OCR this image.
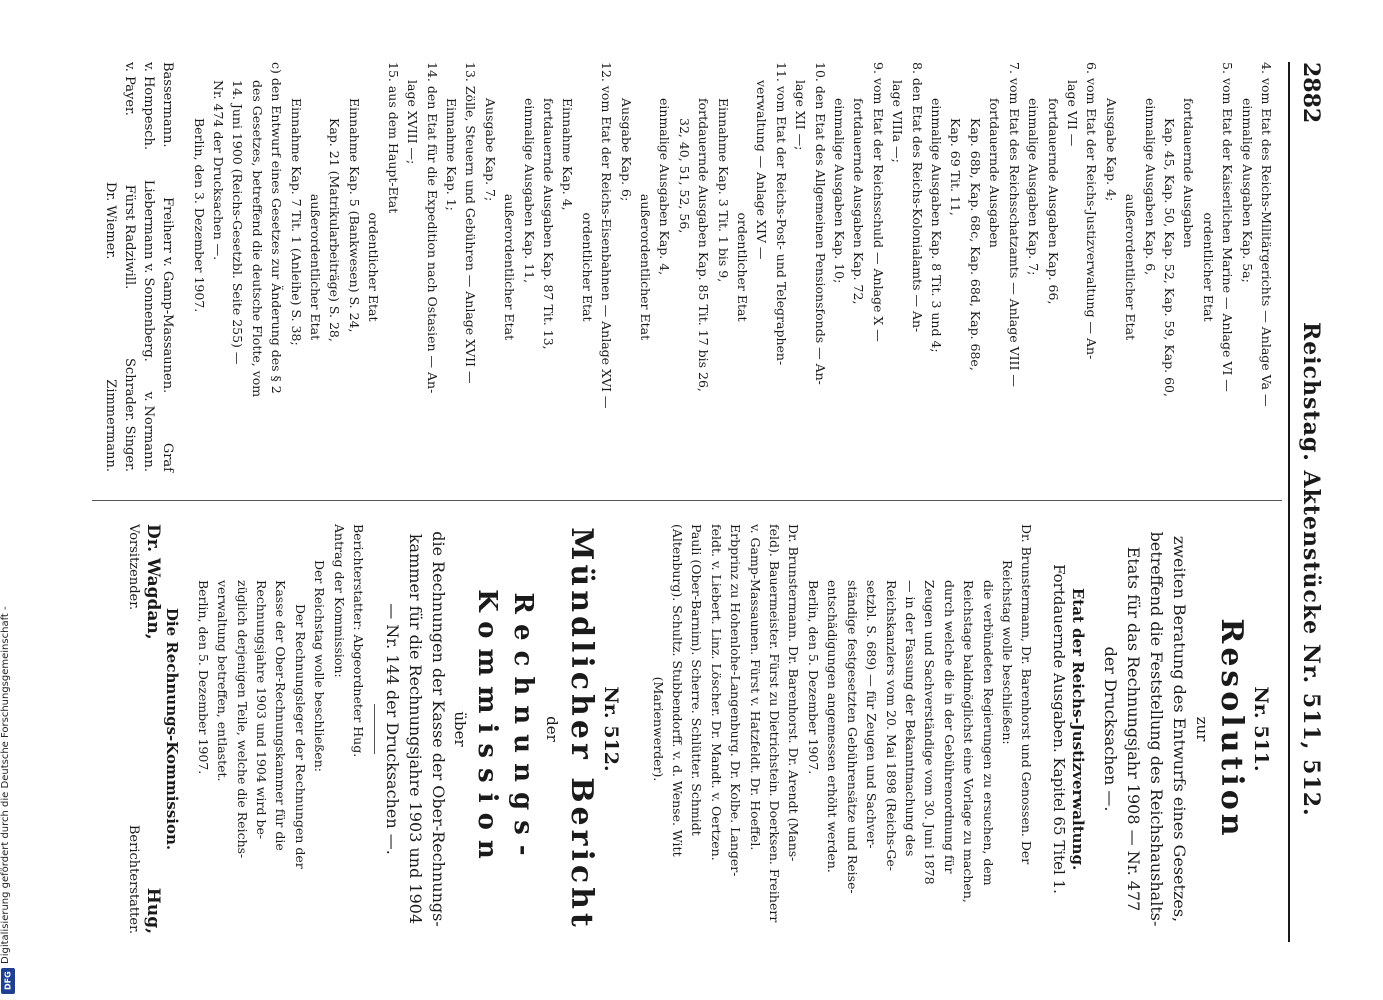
2882
Reichstag. Aktenstücke Nr. 511, 512.
4. vom Etat des Reichs-Militärgerichts — Anlage Va —
einmalige Ausgaben Kap. 5a;
5. vom Etat der Kaiserlichen Marine — Anlage VI —
ordentlicher Etat
fortdauernde Ausgaben
Kap. 45, Kap. 50, Kap. 52, Kap. 59, Kap. 60,
einmalige Ausgaben Kap. 6,
außerordentlicher Etat
Ausgabe Kap. 4;
6. vom Etat der Reichs-Justizverwaltung — An-
lage VII —
fortdauernde Ausgaben Kap. 66,
einmalige Ausgaben Kap. 7;
7. vom Etat des Reichsschatzamts — Anlage VIII —
fortdauernde Ausgaben
Kap. 68b, Kap. 68c, Kap. 68d, Kap. 68e,
Kap. 69 Tit. 11,
einmalige Ausgaben Kap. 8 Tit. 3 und 4;
8. den Etat des Reichs-Kolonialamts — An-
lage VIIIa —;
9. vom Etat der Reichsschuld — Anlage X —
fortdauernde Ausgaben Kap. 72,
einmalige Ausgaben Kap. 10;
10. den Etat des Allgemeinen Pensionsfonds — An-
lage XII —;
11. vom Etat der Reichs-Post- und Telegraphen-
verwaltung — Anlage XIV —
ordentlicher Etat
Einnahme Kap. 3 Tit. 1 bis 9,
fortdauernde Ausgaben Kap. 85 Tit. 17 bis 26,
32, 40, 51, 52, 56,
einmalige Ausgaben Kap. 4,
außerordentlicher Etat
Ausgabe Kap. 6;
12. vom Etat der Reichs-Eisenbahnen — Anlage XVI —
ordentlicher Etat
Einnahme Kap. 4,
fortdauernde Ausgaben Kap. 87 Tit. 13,
einmalige Ausgaben Kap. 11,
außerordentlicher Etat
Ausgabe Kap. 7;
13. Zölle, Steuern und Gebühren — Anlage XVII —
Einnahme Kap. 1;
14. den Etat für die Expedition nach Ostasien — An-
lage XVIII —;
15. aus dem Haupt-Etat
ordentlicher Etat
Einnahme Kap. 5 (Bankwesen) S. 24,
Kap. 21 (Matrikularbeiträge) S. 28,
außerordentlicher Etat
Einnahme Kap. 7 Tit. 1 (Anleihe) S. 38;
c) den Entwurf eines Gesetzes zur Änderung des § 2
des Gesetzes, betreffend die deutsche Flotte, vom
14. Juni 1900 (Reichs-Gesetzbl. Seite 255) —
Nr. 474 der Drucksachen —.
Berlin, den 3. Dezember 1907.
Bassermann.
Freiherr v. Gamp-Massaunen.
Graf
v. Hompesch.
Liebermann v. Sonnenberg.
v. Normann.
v. Payer.
Fürst Radziwill.
Schrader. Singer.
Dr. Wiemer.
Zimmermann.
Nr. 511.
Resolution
zur
zweiten Beratung des Entwurfs eines Gesetzes,
betreffend die Feststellung des Reichshaushalts-
Etats für das Rechnungsjahr 1908 — Nr. 477
der Drucksachen —.
Etat der Reichs-Justizverwaltung.
Fortdauernde Ausgaben. Kapitel 65 Titel 1.
Dr. Brunstermann, Dr. Barenhorst und Genossen. Der
Reichstag wolle beschließen:
die verbündeten Regierungen zu ersuchen, dem
Reichstage baldmöglichst eine Vorlage zu machen,
durch welche die in der Gebührenordnung für
Zeugen und Sachverständige vom 30. Juni 1878
— in der Fassung der Bekanntmachung des
Reichskanzlers vom 20. Mai 1898 (Reichs-Ge-
setzbl. S. 689) — für Zeugen und Sachver-
ständige festgesetzten Gebührensätze und Reise-
entschädigungen angemessen erhöht werden.
Berlin, den 5. Dezember 1907.
Dr. Brunstermann. Dr. Barenhorst. Dr. Arendt (Mans-
feld). Bauermeister. Fürst zu Dietrichstein. Doerksen. Freiherr
v. Gamp-Massaunen. Fürst v. Hatzfeldt. Dr. Hoeffel.
Erbprinz zu Hohenlohe-Langenburg. Dr. Kolbe. Langer-
feldt. v. Liebert. Linz. Löscher. Dr. Mandt. v. Oertzen.
Pauli (Ober-Barnim). Scherre. Schlütter. Schmidt
(Altenburg). Schultz. Stubbendorff. v. d. Wense. Witt
(Marienwerder).
Nr. 512.
Mündlicher Bericht
der
Rechnungs-Kommission
über
die Rechnungen der Kasse der Ober-Rechnungs-
kammer für die Rechnungsjahre 1903 und 1904
— Nr. 144 der Drucksachen —.
Berichterstatter: Abgeordneter Hug.
Antrag der Kommission:
Der Reichstag wolle beschließen:
Der Rechnungsleger der Rechnungen der
Kasse der Ober-Rechnungskammer für die
Rechnungsjahre 1903 und 1904 wird be-
züglich derjenigen Teile, welche die Reichs-
verwaltung betreffen, entlastet.
Berlin, den 5. Dezember 1907.
Die Rechnungs-Kommission.
Dr. Wagdan,
Hug,
Vorsitzender.
Berichterstatter.
Digitalisierung gefördert durch die Deutsche Forschungsgemeinschaft -
DFG
